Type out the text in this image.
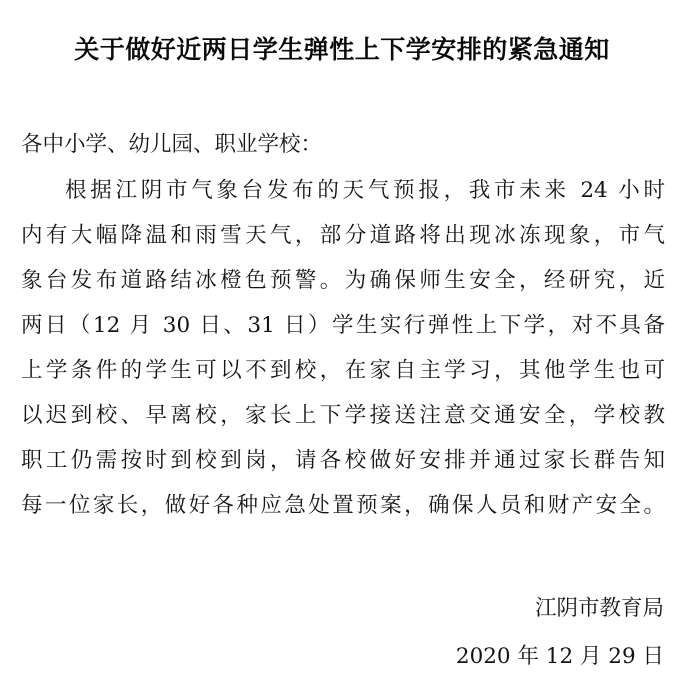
关于做好近两日学生弹性上下学安排的紧急通知
各中小学、幼儿园、职业学校：
根据江阴市气象台发布的天气预报，我市未来 24 小时
内有大幅降温和雨雪天气，部分道路将出现冰冻现象，市气
象台发布道路结冰橙色预警。为确保师生安全，经研究，近
两日（12 月 30 日、31 日）学生实行弹性上下学，对不具备
上学条件的学生可以不到校，在家自主学习，其他学生也可
以迟到校、早离校，家长上下学接送注意交通安全，学校教
职工仍需按时到校到岗，请各校做好安排并通过家长群告知
每一位家长，做好各种应急处置预案，确保人员和财产安全。
江阴市教育局
2020 年 12 月 29 日
